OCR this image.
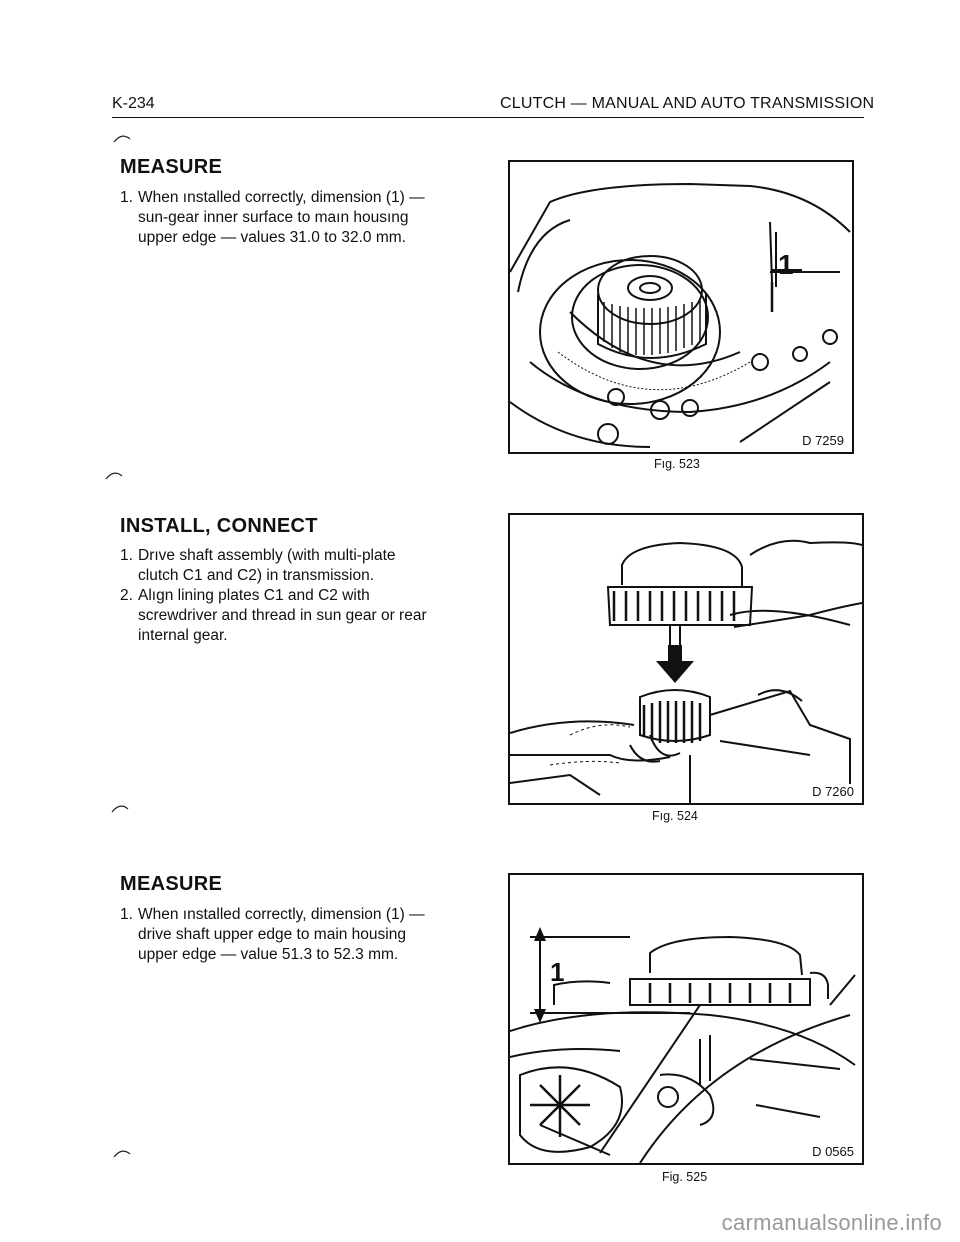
K-234	CLUTCH — MANUAL AND AUTO TRANSMISSION
MEASURE
1. When ınstalled correctly, dimension (1) — sun-gear inner surface to maın housıng upper edge — values 31.0 to 32.0 mm.
1
D 7259
Fıg. 523
INSTALL, CONNECT
1. Drıve shaft assembly (with multi-plate clutch C1 and C2) in transmission.
2. Alıgn lining plates C1 and C2 with screwdriver and thread in sun gear or rear internal gear.
D 7260
Fıg. 524
MEASURE
1. When ınstalled correctly, dimension (1) — drive shaft upper edge to main housing upper edge — value 51.3 to 52.3 mm.
1
D 0565
Fig. 525
carmanualsonline.info
